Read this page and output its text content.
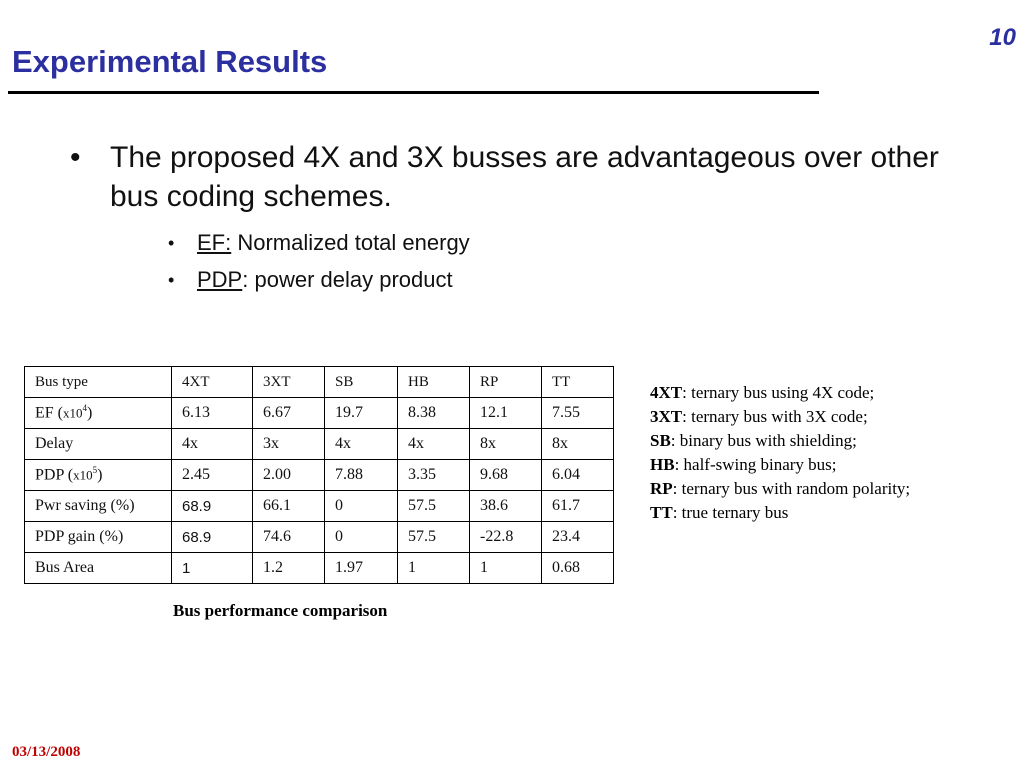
10
Experimental Results
• The proposed 4X and 3X busses are advantageous over other bus coding schemes.
•	EF: Normalized total energy
•	PDP: power delay product
Bus type	4XT	3XT	SB	HB	RP	TT
EF $(x10^4)$	6.13	6.67	19.7	8.38	12.1	7.55
Delay	4x	3x	4x	4x	8x	8x
PDP $(x10^5)$	2.45	2.00	7.88	3.35	9.68	6.04
Pwr saving (%)	68.9	66.1	0	57.5	38.6	61.7
PDP gain (%)	68.9	74.6	0	57.5	-22.8	23.4
Bus Area	1	1.2	1.97	1	1	0.68
Bus performance comparison
4XT: ternary bus using 4X code;
3XT: ternary bus with 3X code;
SB: binary bus with shielding;
HB: half-swing binary bus;
RP: ternary bus with random polarity;
TT: true ternary bus
03/13/2008
